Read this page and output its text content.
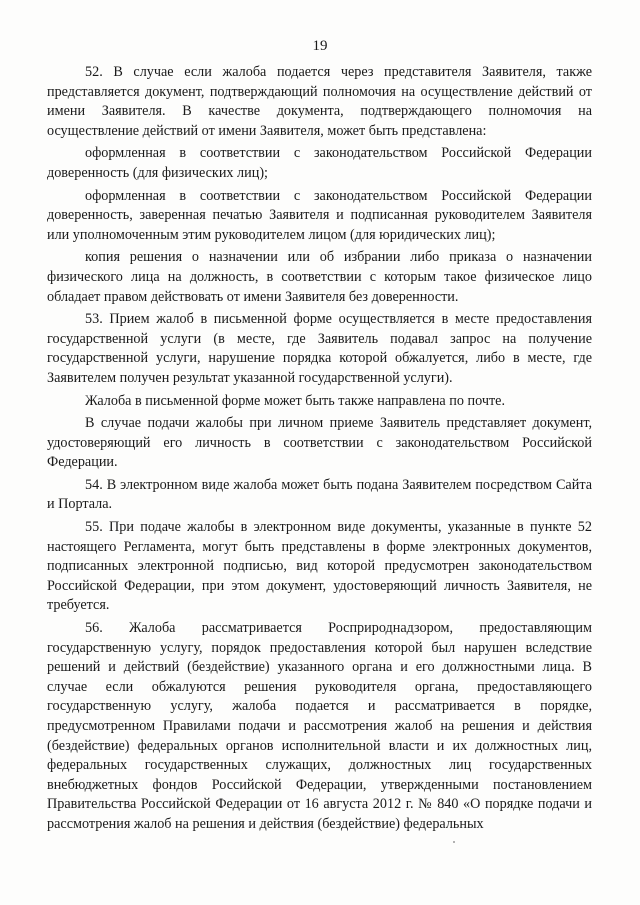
19

52. В случае если жалоба подается через представителя Заявителя, также представляется документ, подтверждающий полномочия на осуществление действий от имени Заявителя. В качестве документа, подтверждающего полномочия на осуществление действий от имени Заявителя, может быть представлена:

оформленная в соответствии с законодательством Российской Федерации доверенность (для физических лиц);

оформленная в соответствии с законодательством Российской Федерации доверенность, заверенная печатью Заявителя и подписанная руководителем Заявителя или уполномоченным этим руководителем лицом (для юридических лиц);

копия решения о назначении или об избрании либо приказа о назначении физического лица на должность, в соответствии с которым такое физическое лицо обладает правом действовать от имени Заявителя без доверенности.

53. Прием жалоб в письменной форме осуществляется в месте предоставления государственной услуги (в месте, где Заявитель подавал запрос на получение государственной услуги, нарушение порядка которой обжалуется, либо в месте, где Заявителем получен результат указанной государственной услуги).

Жалоба в письменной форме может быть также направлена по почте.

В случае подачи жалобы при личном приеме Заявитель представляет документ, удостоверяющий его личность в соответствии с законодательством Российской Федерации.

54. В электронном виде жалоба может быть подана Заявителем посредством Сайта и Портала.

55. При подаче жалобы в электронном виде документы, указанные в пункте 52 настоящего Регламента, могут быть представлены в форме электронных документов, подписанных электронной подписью, вид которой предусмотрен законодательством Российской Федерации, при этом документ, удостоверяющий личность Заявителя, не требуется.

56. Жалоба рассматривается Росприроднадзором, предоставляющим государственную услугу, порядок предоставления которой был нарушен вследствие решений и действий (бездействие) указанного органа и его должностными лица. В случае если обжалуются решения руководителя органа, предоставляющего государственную услугу, жалоба подается и рассматривается в порядке, предусмотренном Правилами подачи и рассмотрения жалоб на решения и действия (бездействие) федеральных органов исполнительной власти и их должностных лиц, федеральных государственных служащих, должностных лиц государственных внебюджетных фондов Российской Федерации, утвержденными постановлением Правительства Российской Федерации от 16 августа 2012 г. № 840 «О порядке подачи и рассмотрения жалоб на решения и действия (бездействие) федеральных
